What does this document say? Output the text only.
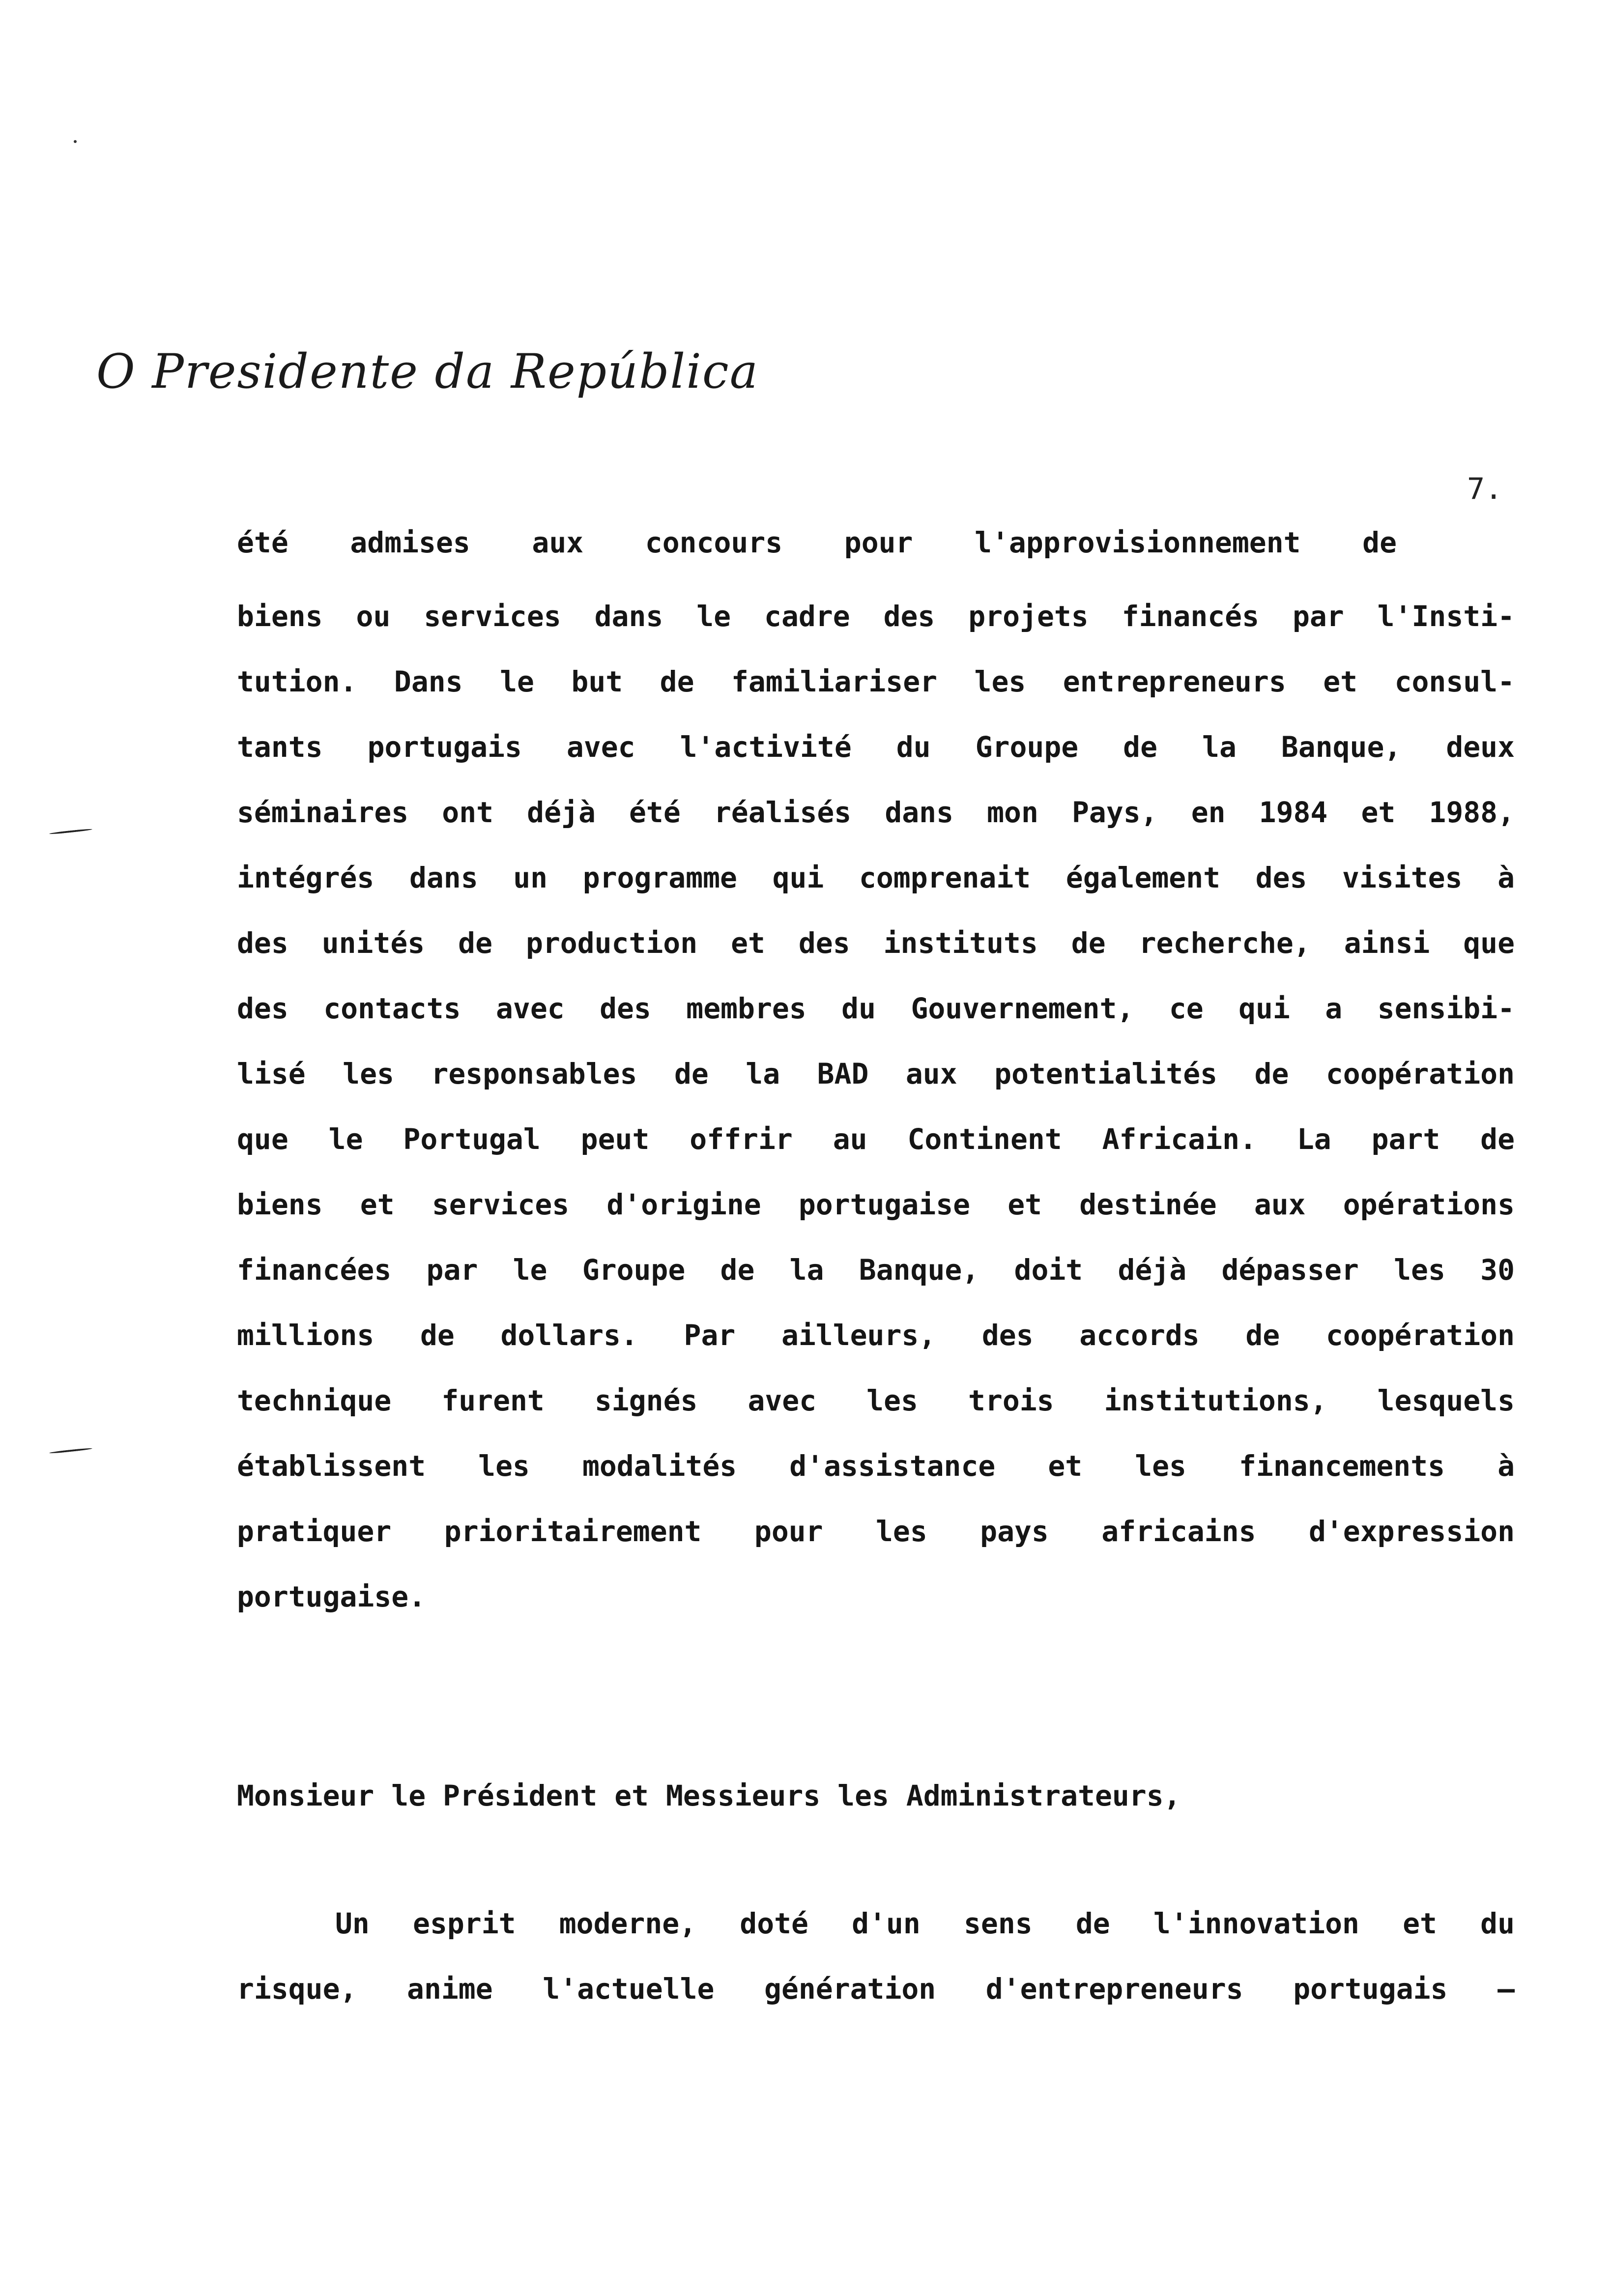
O Presidente da República
7.
été admises aux concours pour l'approvisionnement de
biens ou services dans le cadre des projets financés par l'Insti-
tution. Dans le but de familiariser les entrepreneurs et consul-
tants portugais avec l'activité du Groupe de la Banque, deux
séminaires ont déjà été réalisés dans mon Pays, en 1984 et 1988,
intégrés dans un programme qui comprenait également des visites à
des unités de production et des instituts de recherche, ainsi que
des contacts avec des membres du Gouvernement, ce qui a sensibi-
lisé les responsables de la BAD aux potentialités de coopération
que le Portugal peut offrir au Continent Africain. La part de
biens et services d'origine portugaise et destinée aux opérations
financées par le Groupe de la Banque, doit déjà dépasser les 30
millions de dollars. Par ailleurs, des accords de coopération
technique furent signés avec les trois institutions, lesquels
établissent les modalités d'assistance et les financements à
pratiquer prioritairement pour les pays africains d'expression
portugaise.
Monsieur le Président et Messieurs les Administrateurs,
Un esprit moderne, doté d'un sens de l'innovation et du
risque, anime l'actuelle génération d'entrepreneurs portugais –
